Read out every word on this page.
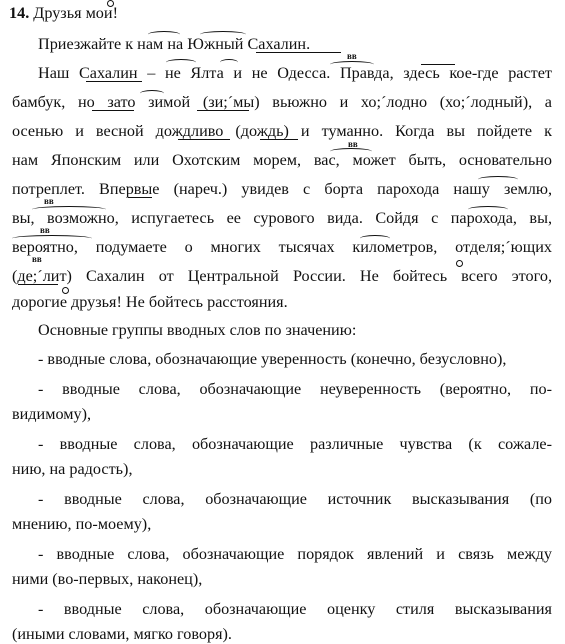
14. Друзья мои!
Приезжайте к нам на Южный Сахалин.
Наш Сахалин – не Ялта и не Одесса. Правда, здесь кое-где растет
бамбук, но зато зимой (зи;´мы) вьюжно и хо;´лодно (хо;´лодный), а
осенью и весной дождливо (дождь) и туманно. Когда вы пойдете к
нам Японским или Охотским морем, вас, может быть, основательно
потреплет. Впервые (нареч.) увидев с борта парохода нашу землю,
вы, возможно, испугаетесь ее сурового вида. Сойдя с парохода, вы,
вероятно, подумаете о многих тысячах километров, отделя;´ющих
(де;´лит) Сахалин от Центральной России. Не бойтесь всего этого,
дорогие друзья! Не бойтесь расстояния.
Основные группы вводных слов по значению:
- вводные слова, обозначающие уверенность (конечно, безусловно),
- вводные слова, обозначающие неуверенность (вероятно, по-
видимому),
- вводные слова, обозначающие различные чувства (к сожале-
нию, на радость),
- вводные слова, обозначающие источник высказывания (по
мнению, по-моему),
- вводные слова, обозначающие порядок явлений и связь между
ними (во-первых, наконец),
- вводные слова, обозначающие оценку стиля высказывания
(иными словами, мягко говоря).
вв
вв
вв
вв
вв
